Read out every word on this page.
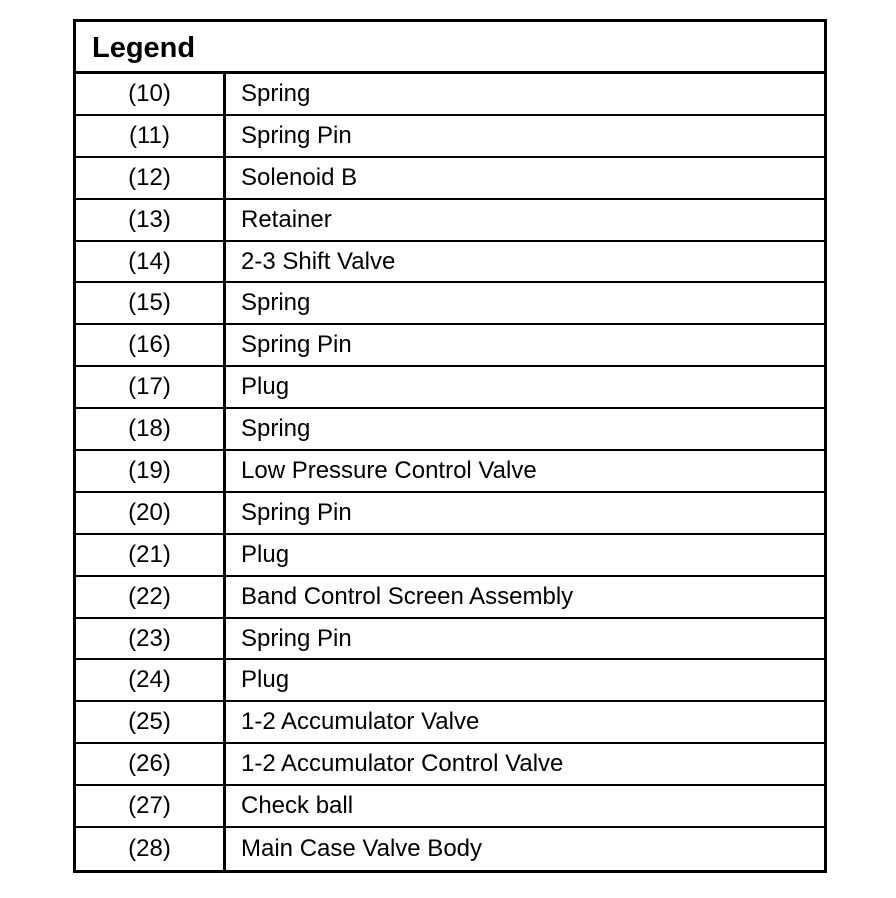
Legend
(10)	Spring
(11)	Spring Pin
(12)	Solenoid B
(13)	Retainer
(14)	2-3 Shift Valve
(15)	Spring
(16)	Spring Pin
(17)	Plug
(18)	Spring
(19)	Low Pressure Control Valve
(20)	Spring Pin
(21)	Plug
(22)	Band Control Screen Assembly
(23)	Spring Pin
(24)	Plug
(25)	1-2 Accumulator Valve
(26)	1-2 Accumulator Control Valve
(27)	Check ball
(28)	Main Case Valve Body
